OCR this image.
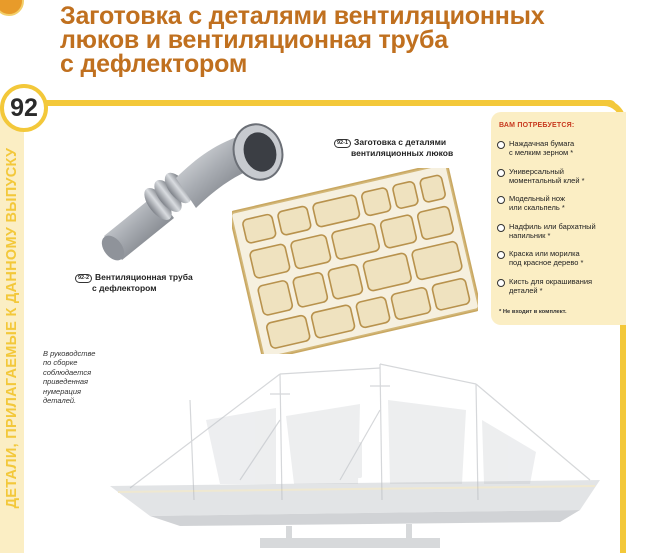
Заготовка с деталями вентиляционных
люков и вентиляционная труба
с дефлектором
ДЕТАЛИ, ПРИЛАГАЕМЫЕ К ДАННОМУ ВЫПУСКУ
92
92-1 Заготовка с деталями
вентиляционных люков
92-2 Вентиляционная труба
с дефлектором
ВАМ ПОТРЕБУЕТСЯ:
Наждачная бумага
с мелким зерном *
Универсальный
моментальный клей *
Модельный нож
или скальпель *
Надфиль или бархатный
напильник *
Краска или морилка
под красное дерево *
Кисть для окрашивания
деталей *
* Не входит в комплект.
В руководстве
по сборке
соблюдается
приведенная
нумерация
деталей.
